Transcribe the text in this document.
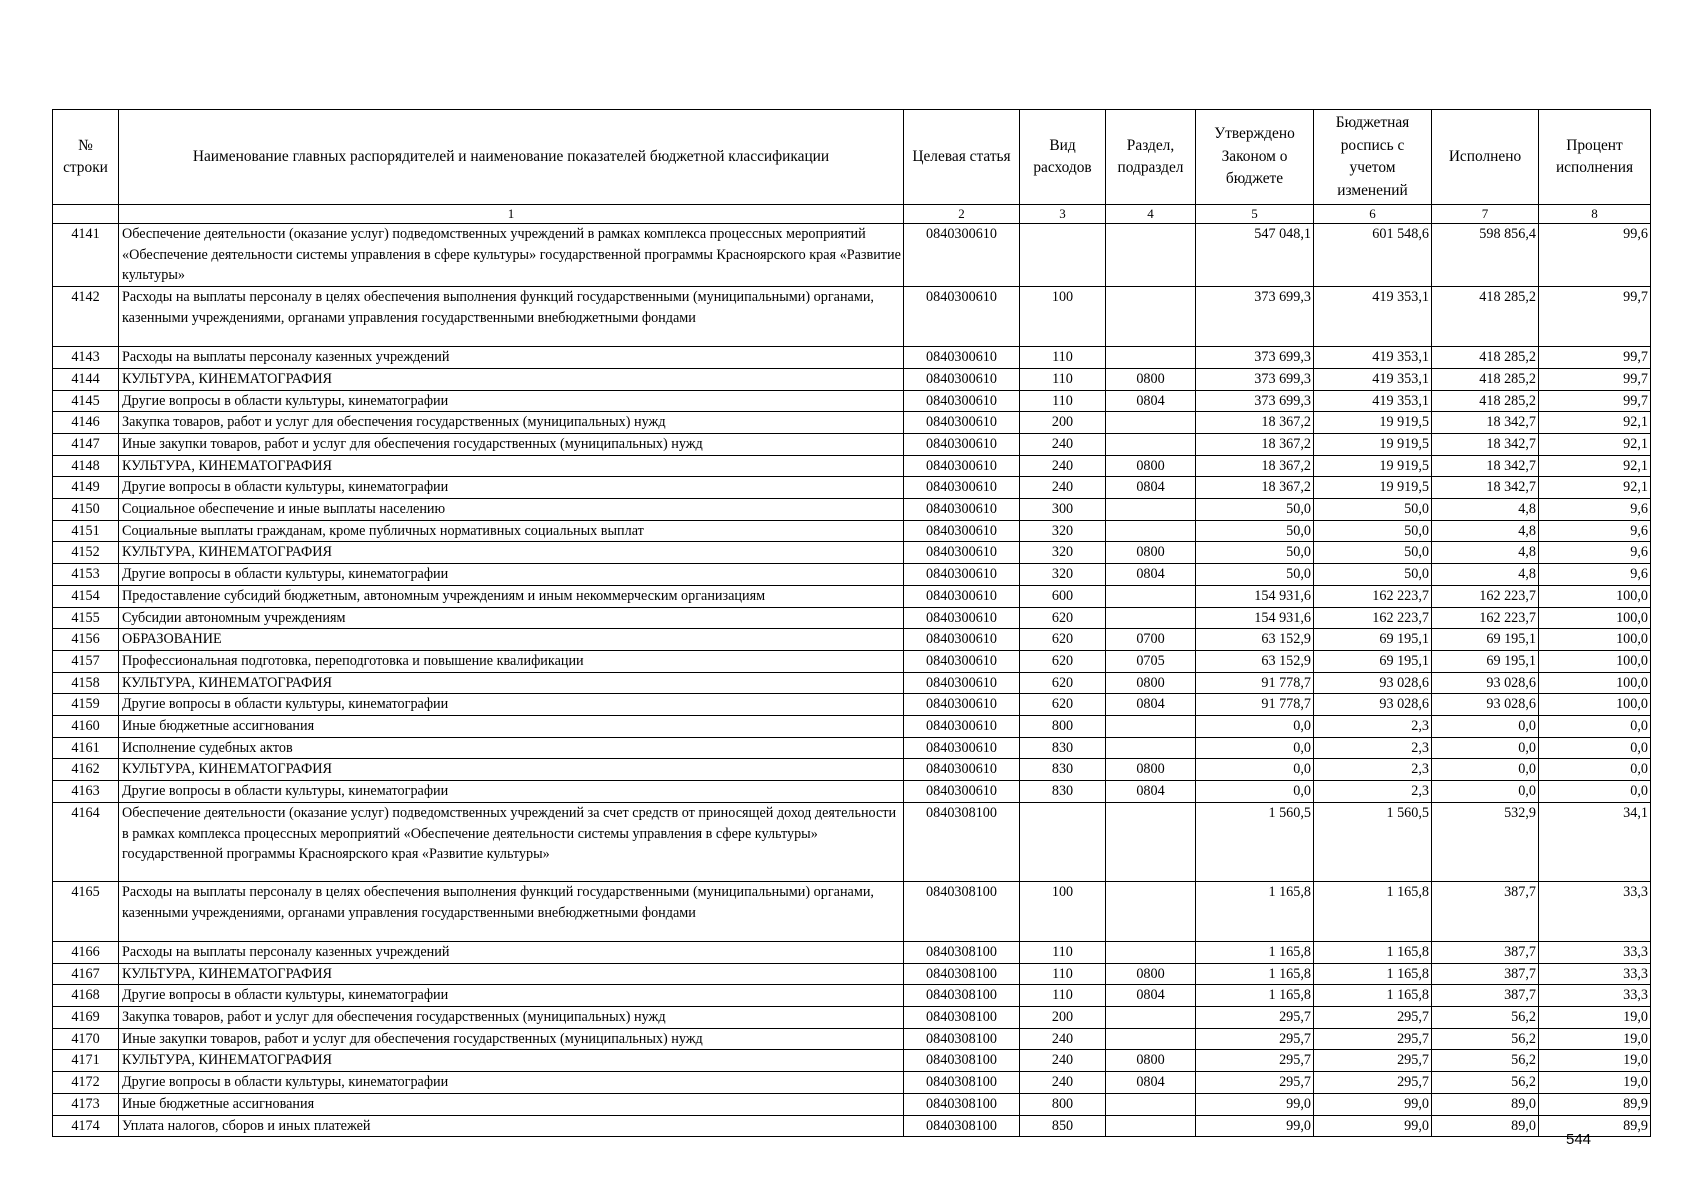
№ строки	Наименование главных распорядителей и наименование показателей бюджетной классификации	Целевая статья	Вид расходов	Раздел, подраздел	Утверждено Законом о бюджете	Бюджетная роспись с учетом изменений	Исполнено	Процент исполнения
	1	2	3	4	5	6	7	8
4141	Обеспечение деятельности (оказание услуг) подведомственных учреждений в рамках комплекса процессных мероприятий «Обеспечение деятельности системы управления в сфере культуры» государственной программы Красноярского края «Развитие культуры»	0840300610			547 048,1	601 548,6	598 856,4	99,6
4142	Расходы на выплаты персоналу в целях обеспечения выполнения функций государственными (муниципальными) органами, казенными учреждениями, органами управления государственными внебюджетными фондами	0840300610	100		373 699,3	419 353,1	418 285,2	99,7
4143	Расходы на выплаты персоналу казенных учреждений	0840300610	110		373 699,3	419 353,1	418 285,2	99,7
4144	КУЛЬТУРА, КИНЕМАТОГРАФИЯ	0840300610	110	0800	373 699,3	419 353,1	418 285,2	99,7
4145	Другие вопросы в области культуры, кинематографии	0840300610	110	0804	373 699,3	419 353,1	418 285,2	99,7
4146	Закупка товаров, работ и услуг для обеспечения государственных (муниципальных) нужд	0840300610	200		18 367,2	19 919,5	18 342,7	92,1
4147	Иные закупки товаров, работ и услуг для обеспечения государственных (муниципальных) нужд	0840300610	240		18 367,2	19 919,5	18 342,7	92,1
4148	КУЛЬТУРА, КИНЕМАТОГРАФИЯ	0840300610	240	0800	18 367,2	19 919,5	18 342,7	92,1
4149	Другие вопросы в области культуры, кинематографии	0840300610	240	0804	18 367,2	19 919,5	18 342,7	92,1
4150	Социальное обеспечение и иные выплаты населению	0840300610	300		50,0	50,0	4,8	9,6
4151	Социальные выплаты гражданам, кроме публичных нормативных социальных выплат	0840300610	320		50,0	50,0	4,8	9,6
4152	КУЛЬТУРА, КИНЕМАТОГРАФИЯ	0840300610	320	0800	50,0	50,0	4,8	9,6
4153	Другие вопросы в области культуры, кинематографии	0840300610	320	0804	50,0	50,0	4,8	9,6
4154	Предоставление субсидий бюджетным, автономным учреждениям и иным некоммерческим организациям	0840300610	600		154 931,6	162 223,7	162 223,7	100,0
4155	Субсидии автономным учреждениям	0840300610	620		154 931,6	162 223,7	162 223,7	100,0
4156	ОБРАЗОВАНИЕ	0840300610	620	0700	63 152,9	69 195,1	69 195,1	100,0
4157	Профессиональная подготовка, переподготовка и повышение квалификации	0840300610	620	0705	63 152,9	69 195,1	69 195,1	100,0
4158	КУЛЬТУРА, КИНЕМАТОГРАФИЯ	0840300610	620	0800	91 778,7	93 028,6	93 028,6	100,0
4159	Другие вопросы в области культуры, кинематографии	0840300610	620	0804	91 778,7	93 028,6	93 028,6	100,0
4160	Иные бюджетные ассигнования	0840300610	800		0,0	2,3	0,0	0,0
4161	Исполнение судебных актов	0840300610	830		0,0	2,3	0,0	0,0
4162	КУЛЬТУРА, КИНЕМАТОГРАФИЯ	0840300610	830	0800	0,0	2,3	0,0	0,0
4163	Другие вопросы в области культуры, кинематографии	0840300610	830	0804	0,0	2,3	0,0	0,0
4164	Обеспечение деятельности (оказание услуг) подведомственных учреждений за счет средств от приносящей доход деятельности в рамках комплекса процессных мероприятий «Обеспечение деятельности системы управления в сфере культуры» государственной программы Красноярского края «Развитие культуры»	0840308100			1 560,5	1 560,5	532,9	34,1
4165	Расходы на выплаты персоналу в целях обеспечения выполнения функций государственными (муниципальными) органами, казенными учреждениями, органами управления государственными внебюджетными фондами	0840308100	100		1 165,8	1 165,8	387,7	33,3
4166	Расходы на выплаты персоналу казенных учреждений	0840308100	110		1 165,8	1 165,8	387,7	33,3
4167	КУЛЬТУРА, КИНЕМАТОГРАФИЯ	0840308100	110	0800	1 165,8	1 165,8	387,7	33,3
4168	Другие вопросы в области культуры, кинематографии	0840308100	110	0804	1 165,8	1 165,8	387,7	33,3
4169	Закупка товаров, работ и услуг для обеспечения государственных (муниципальных) нужд	0840308100	200		295,7	295,7	56,2	19,0
4170	Иные закупки товаров, работ и услуг для обеспечения государственных (муниципальных) нужд	0840308100	240		295,7	295,7	56,2	19,0
4171	КУЛЬТУРА, КИНЕМАТОГРАФИЯ	0840308100	240	0800	295,7	295,7	56,2	19,0
4172	Другие вопросы в области культуры, кинематографии	0840308100	240	0804	295,7	295,7	56,2	19,0
4173	Иные бюджетные ассигнования	0840308100	800		99,0	99,0	89,0	89,9
4174	Уплата налогов, сборов и иных платежей	0840308100	850		99,0	99,0	89,0	89,9
544
